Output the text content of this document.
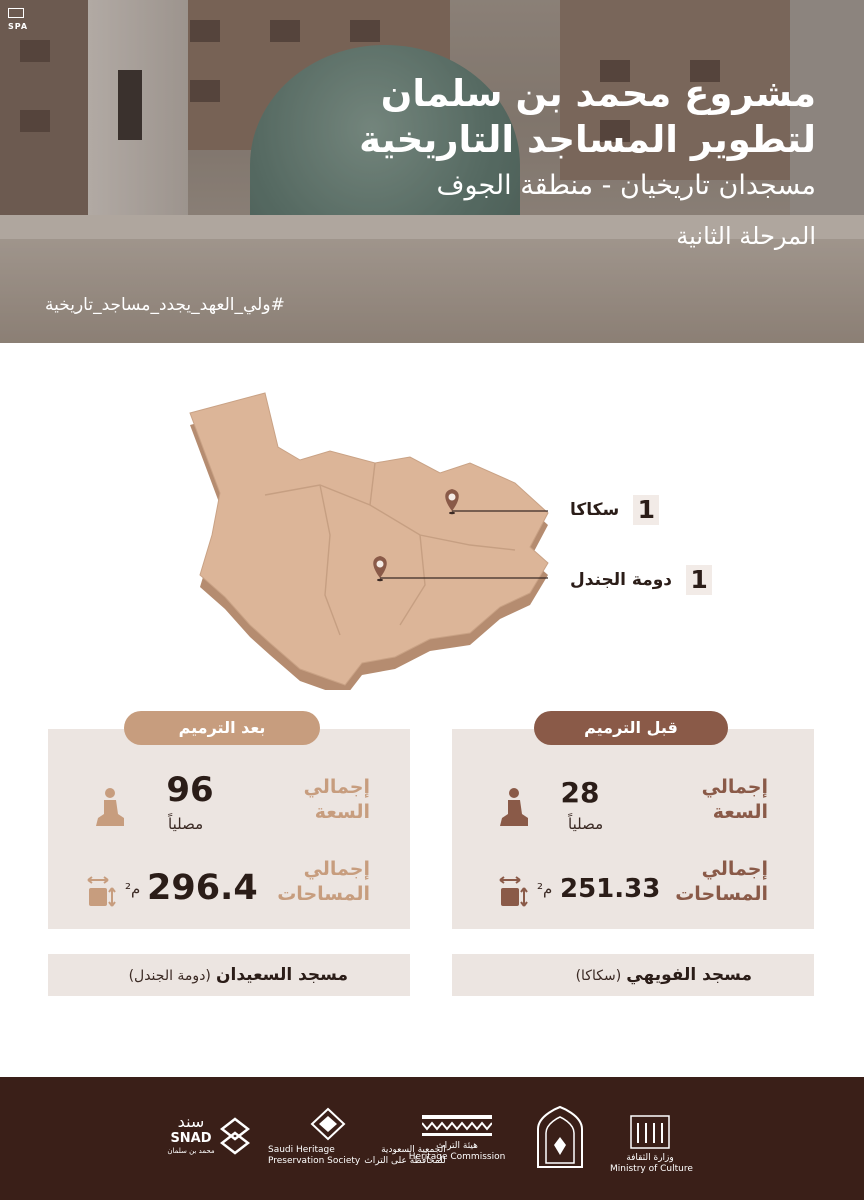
SPA
مشروع محمد بن سلمان
لتطوير المساجد التاريخية
مسجدان تاريخيان - منطقة الجوف
المرحلة الثانية
#ولي_العهد_يجدد_مساجد_تاريخية
1
سكاكا
1
دومة الجندل
قبل الترميم
إجمالي
السعة
28
مصلياً
إجمالي
المساحات
251.33
م²
مسجد الفويهي (سكاكا)
بعد الترميم
إجمالي
السعة
96
مصلياً
إجمالي
المساحات
296.4
م²
مسجد السعيدان (دومة الجندل)
وزارة الثقافة
Ministry of Culture
هيئة التراث
Heritage Commission
Saudi Heritage
Preservation Society
الجمعية السعودية
للمحافظة على التراث
سند
SNAD
محمد بن سلمان
